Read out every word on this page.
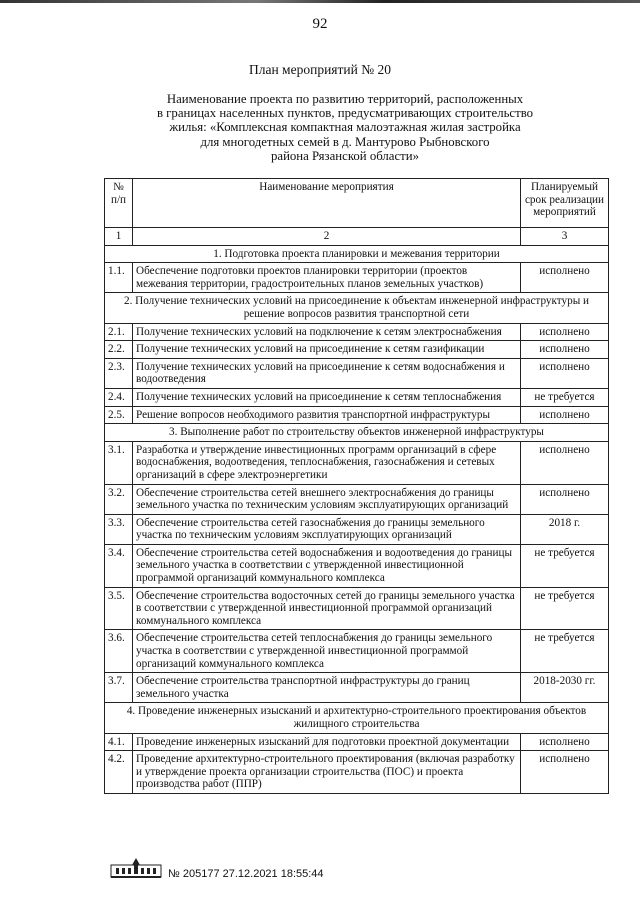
92
План мероприятий № 20
Наименование проекта по развитию территорий, расположенных
в границах населенных пунктов, предусматривающих строительство
жилья: «Комплексная компактная малоэтажная жилая застройка
для многодетных семей в д. Мантурово Рыбновского
района Рязанской области»
№ п/п	Наименование мероприятия	Планируемый срок реализации мероприятий
1	2	3
1. Подготовка проекта планировки и межевания территории		
1.1.	Обеспечение подготовки проектов планировки территории (проектов межевания территории, градостроительных планов земельных участков)	исполнено
2. Получение технических условий на присоединение к объектам инженерной инфраструктуры и решение вопросов развития транспортной сети		
2.1.	Получение технических условий на подключение к сетям электроснабжения	исполнено
2.2.	Получение технических условий на присоединение к сетям газификации	исполнено
2.3.	Получение технических условий на присоединение к сетям водоснабжения и водоотведения	исполнено
2.4.	Получение технических условий на присоединение к сетям теплоснабжения	не требуется
2.5.	Решение вопросов необходимого развития транспортной инфраструктуры	исполнено
3. Выполнение работ по строительству объектов инженерной инфраструктуры		
3.1.	Разработка и утверждение инвестиционных программ организаций в сфере водоснабжения, водоотведения, теплоснабжения, газоснабжения и сетевых организаций в сфере электроэнергетики	исполнено
3.2.	Обеспечение строительства сетей внешнего электроснабжения до границы земельного участка по техническим условиям эксплуатирующих организаций	исполнено
3.3.	Обеспечение строительства сетей газоснабжения до границы земельного участка по техническим условиям эксплуатирующих организаций	2018 г.
3.4.	Обеспечение строительства сетей водоснабжения и водоотведения до границы земельного участка в соответствии с утвержденной инвестиционной программой организаций коммунального комплекса	не требуется
3.5.	Обеспечение строительства водосточных сетей до границы земельного участка в соответствии с утвержденной инвестиционной программой организаций коммунального комплекса	не требуется
3.6.	Обеспечение строительства сетей теплоснабжения до границы земельного участка в соответствии с утвержденной инвестиционной программой организаций коммунального комплекса	не требуется
3.7.	Обеспечение строительства транспортной инфраструктуры до границ земельного участка	2018-2030 гг.
4. Проведение инженерных изысканий и архитектурно-строительного проектирования объектов жилищного строительства		
4.1.	Проведение инженерных изысканий для подготовки проектной документации	исполнено
4.2.	Проведение архитектурно-строительного проектирования (включая разработку и утверждение проекта организации строительства (ПОС) и проекта производства работ (ППР)	исполнено
№ 205177 27.12.2021 18:55:44
